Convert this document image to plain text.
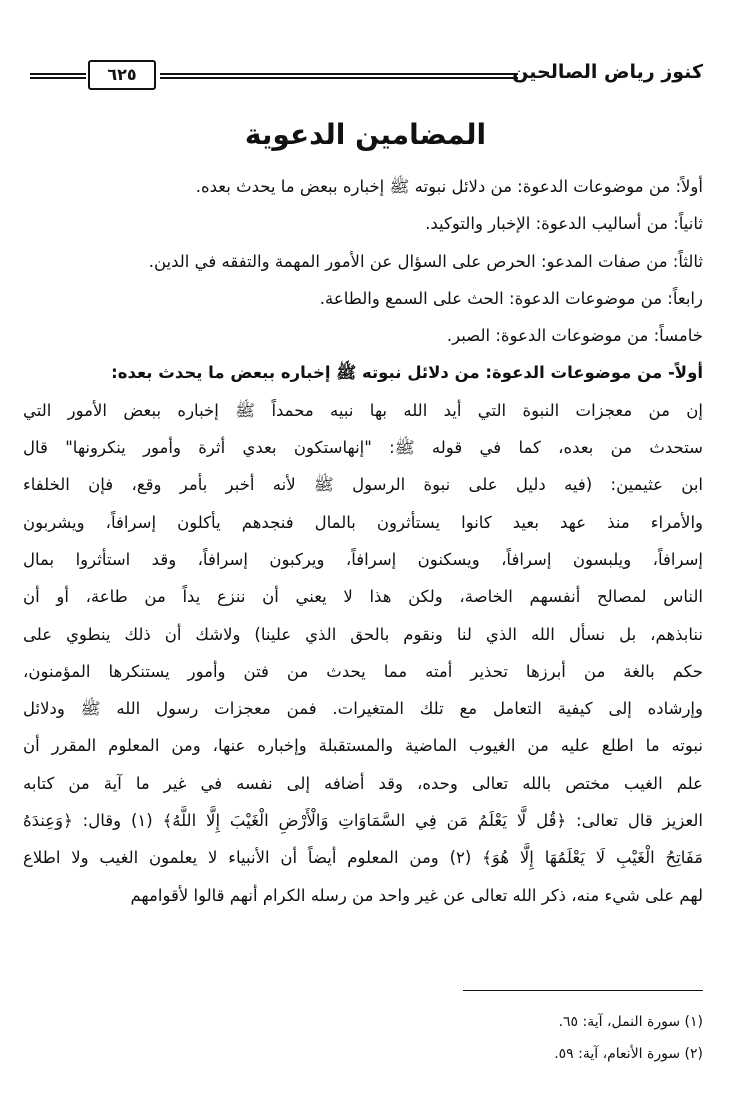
٦٢٥	كنوز رياض الصالحين
المضامين الدعوية
أولاً: من موضوعات الدعوة: من دلائل نبوته ﷺ إخباره ببعض ما يحدث بعده.
ثانياً: من أساليب الدعوة: الإخبار والتوكيد.
ثالثاً: من صفات المدعو: الحرص على السؤال عن الأمور المهمة والتفقه في الدين.
رابعاً: من موضوعات الدعوة: الحث على السمع والطاعة.
خامساً: من موضوعات الدعوة: الصبر.
أولاً- من موضوعات الدعوة: من دلائل نبوته ﷺ إخباره ببعض ما يحدث بعده:
إن من معجزات النبوة التي أيد الله بها نبيه محمداً ﷺ إخباره ببعض الأمور التي
ستحدث من بعده، كما في قوله ﷺ: "إنهاستكون بعدي أثرة وأمور ينكرونها" قال
ابن عثيمين: (فيه دليل على نبوة الرسول ﷺ لأنه أخبر بأمر وقع، فإن الخلفاء
والأمراء منذ عهد بعيد كانوا يستأثرون بالمال فنجدهم يأكلون إسرافاً، ويشربون
إسرافاً، ويلبسون إسرافاً، ويسكنون إسرافاً، ويركبون إسرافاً، وقد استأثروا بمال
الناس لمصالح أنفسهم الخاصة، ولكن هذا لا يعني أن ننزع يداً من طاعة، أو أن
ننابذهم، بل نسأل الله الذي لنا ونقوم بالحق الذي علينا) ولاشك أن ذلك ينطوي على
حكم بالغة من أبرزها تحذير أمته مما يحدث من فتن وأمور يستنكرها المؤمنون،
وإرشاده إلى كيفية التعامل مع تلك المتغيرات. فمن معجزات رسول الله ﷺ ودلائل
نبوته ما اطلع عليه من الغيوب الماضية والمستقبلة وإخباره عنها، ومن المعلوم المقرر أن
علم الغيب مختص بالله تعالى وحده، وقد أضافه إلى نفسه في غير ما آية من كتابه
العزيز قال تعالى: ﴿قُل لَّا يَعْلَمُ مَن فِي السَّمَاوَاتِ وَالْأَرْضِ الْغَيْبَ إِلَّا اللَّهُ﴾ (١) وقال: ﴿وَعِندَهُ
مَفَاتِحُ الْغَيْبِ لَا يَعْلَمُهَا إِلَّا هُوَ﴾ (٢) ومن المعلوم أيضاً أن الأنبياء لا يعلمون الغيب ولا اطلاع
لهم على شيء منه، ذكر الله تعالى عن غير واحد من رسله الكرام أنهم قالوا لأقوامهم
(١) سورة النمل، آية: ٦٥.
(٢) سورة الأنعام، آية: ٥٩.
